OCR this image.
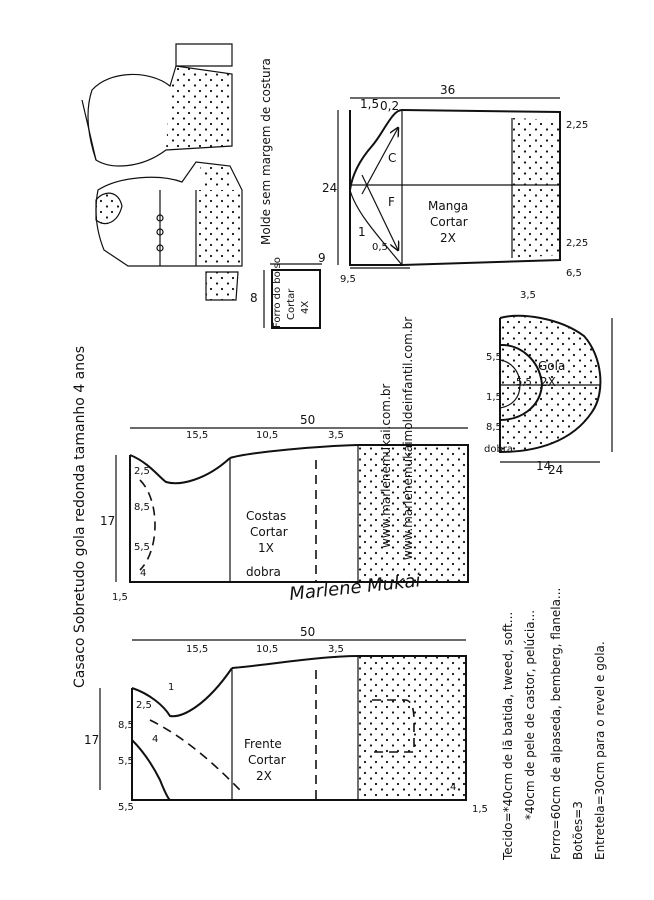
1,5 0,2
C
F
1
2,25
6,5
2,25
0,5
9,5
36
24
Manga
Cortar
2X
Molde sem margem de costura
9
8 Forro do bolso Cortar 4X
24
Gola
2X
3,5
5,5
1,5
8,5
5,5
dobra
14
50
15,5	10,5	3,5
17
2,5
8,5
5,5
1,5
4
Costas
Cortar
1X
dobra Marlene Mukai
50
15,5	10,5	3,5
17
2,5
8,5
5,5
5,5
4
1
1,5
4	Frente
Cortar
2X
Casaco Sobretudo gola redonda tamanho 4 anos	www.marlenemukai.com.br www.marlenemukaimoldeinfantil.com.br
Tecido=*40cm de lã batida, tweed, soft... *40cm de pele de castor, pelúcia... Forro=60cm de alpaseda, bemberg, flanela... Botões=3 Entretela=30cm para o revel e gola.
